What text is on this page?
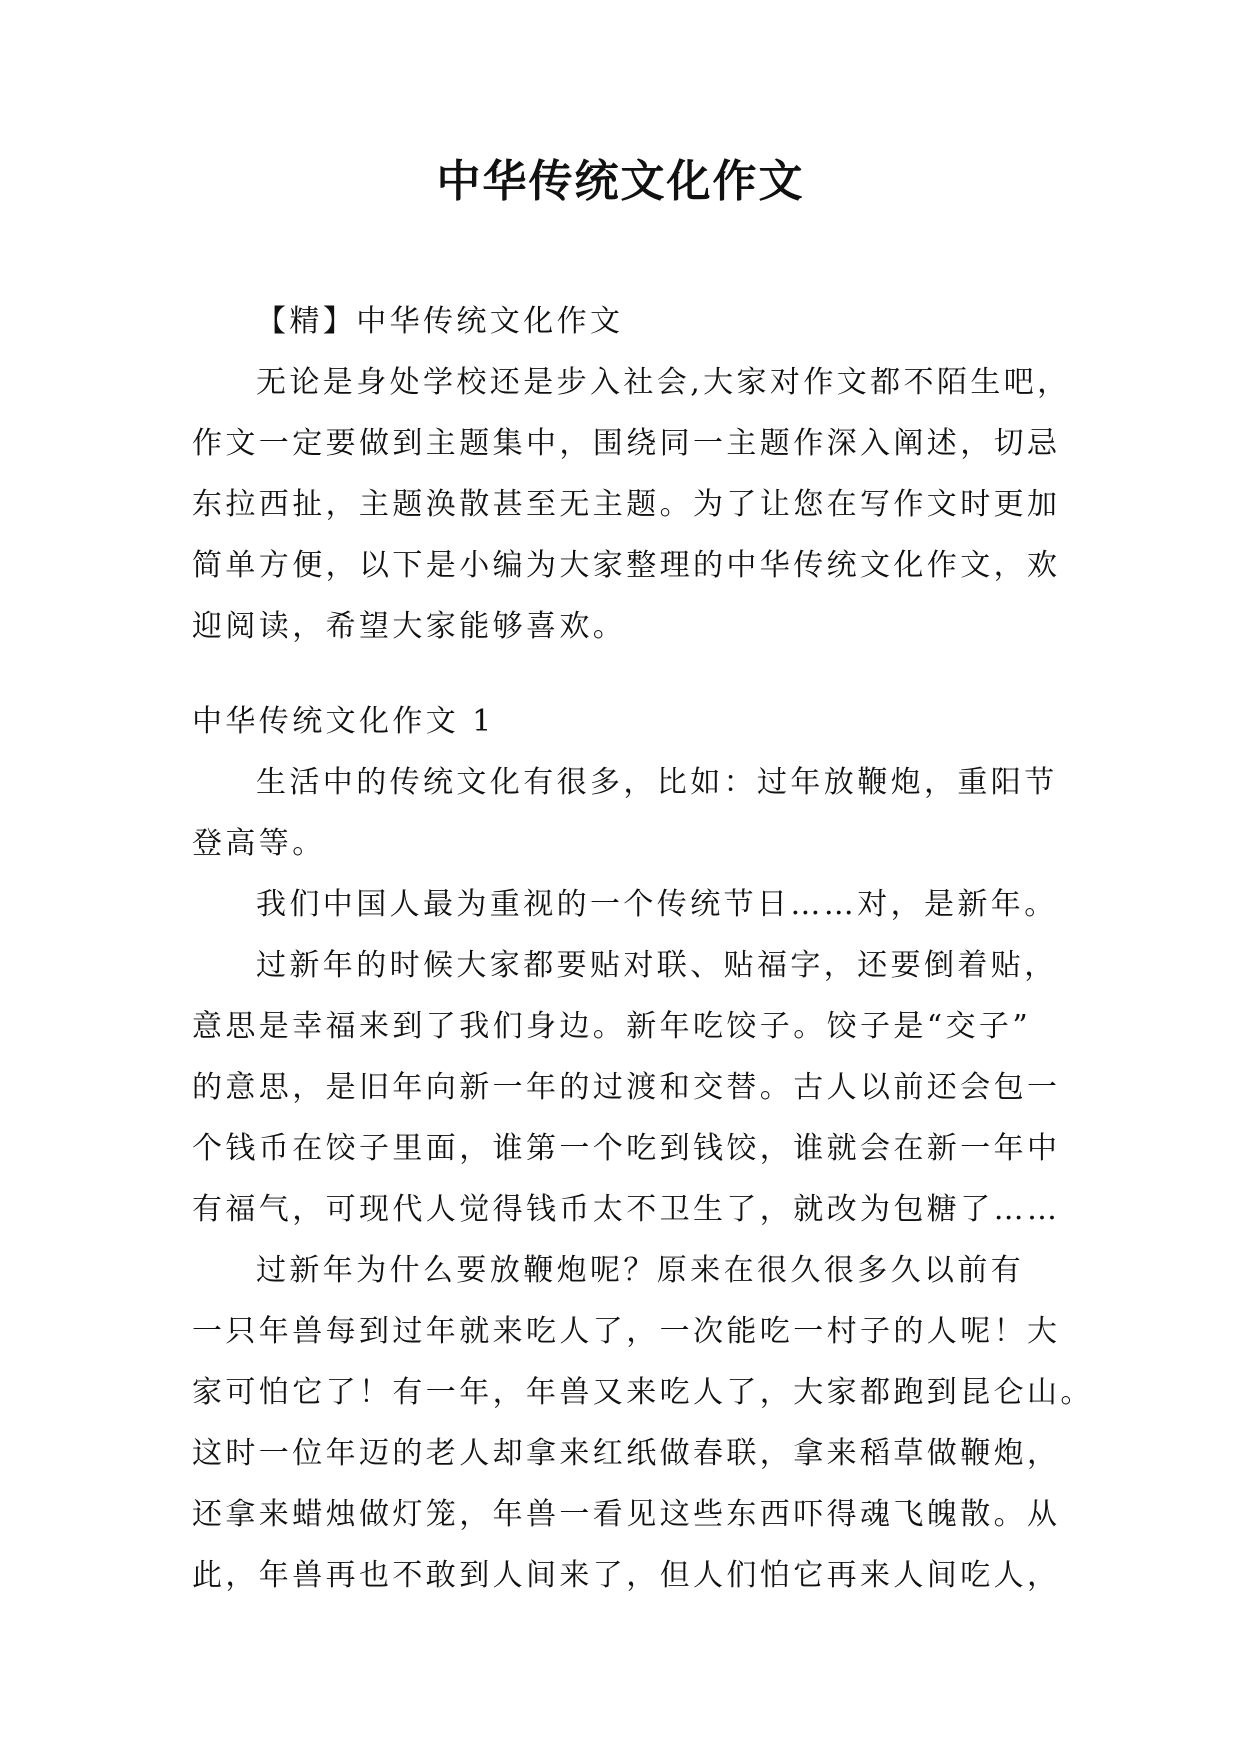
中华传统文化作文
【精】中华传统文化作文
无论是身处学校还是步入社会,大家对作文都不陌生吧，
作文一定要做到主题集中，围绕同一主题作深入阐述，切忌
东拉西扯，主题涣散甚至无主题。为了让您在写作文时更加
简单方便，以下是小编为大家整理的中华传统文化作文，欢
迎阅读，希望大家能够喜欢。
中华传统文化作文 1
生活中的传统文化有很多，比如：过年放鞭炮，重阳节
登高等。
我们中国人最为重视的一个传统节日……对，是新年。
过新年的时候大家都要贴对联、贴福字，还要倒着贴，
意思是幸福来到了我们身边。新年吃饺子。饺子是“交子”
的意思，是旧年向新一年的过渡和交替。古人以前还会包一
个钱币在饺子里面，谁第一个吃到钱饺，谁就会在新一年中
有福气，可现代人觉得钱币太不卫生了，就改为包糖了……
过新年为什么要放鞭炮呢？原来在很久很多久以前有
一只年兽每到过年就来吃人了，一次能吃一村子的人呢！大
家可怕它了！有一年，年兽又来吃人了，大家都跑到昆仑山。
这时一位年迈的老人却拿来红纸做春联，拿来稻草做鞭炮，
还拿来蜡烛做灯笼，年兽一看见这些东西吓得魂飞魄散。从
此，年兽再也不敢到人间来了，但人们怕它再来人间吃人，
